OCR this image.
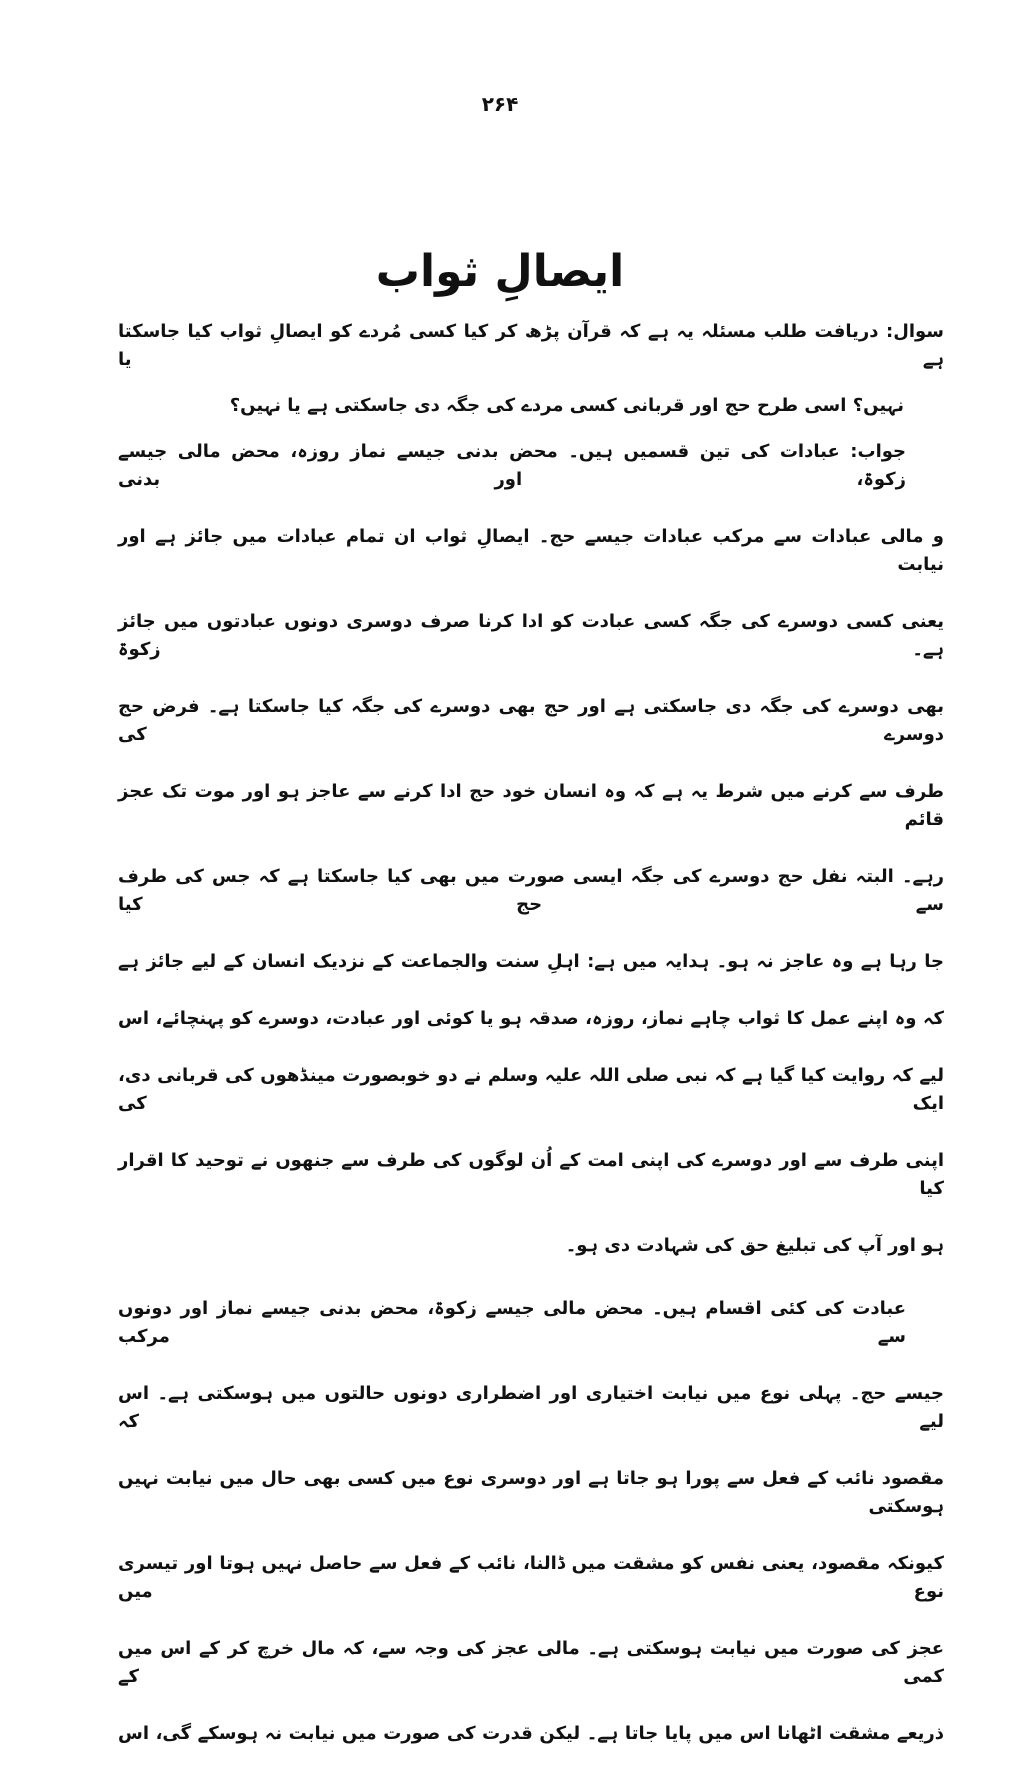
۲۶۴
ایصالِ ثواب
سوال: دریافت طلب مسئلہ یہ ہے کہ قرآن پڑھ کر کیا کسی مُردے کو ایصالِ ثواب کیا جاسکتا ہے یا
نہیں؟ اسی طرح حج اور قربانی کسی مردے کی جگہ دی جاسکتی ہے یا نہیں؟
جواب: عبادات کی تین قسمیں ہیں۔ محض بدنی جیسے نماز روزہ، محض مالی جیسے زکوۃ، اور بدنی
و مالی عبادات سے مرکب عبادات جیسے حج۔ ایصالِ ثواب ان تمام عبادات میں جائز ہے اور نیابت
یعنی کسی دوسرے کی جگہ کسی عبادت کو ادا کرنا صرف دوسری دونوں عبادتوں میں جائز ہے۔ زکوۃ
بھی دوسرے کی جگہ دی جاسکتی ہے اور حج بھی دوسرے کی جگہ کیا جاسکتا ہے۔ فرض حج دوسرے کی
طرف سے کرنے میں شرط یہ ہے کہ وہ انسان خود حج ادا کرنے سے عاجز ہو اور موت تک عجز قائم
رہے۔ البتہ نفل حج دوسرے کی جگہ ایسی صورت میں بھی کیا جاسکتا ہے کہ جس کی طرف سے حج کیا
جا رہا ہے وہ عاجز نہ ہو۔ ہدایہ میں ہے: اہلِ سنت والجماعت کے نزدیک انسان کے لیے جائز ہے
کہ وہ اپنے عمل کا ثواب چاہے نماز، روزہ، صدقہ ہو یا کوئی اور عبادت، دوسرے کو پہنچائے، اس
لیے کہ روایت کیا گیا ہے کہ نبی صلی اللہ علیہ وسلم نے دو خوبصورت مینڈھوں کی قربانی دی، ایک کی
اپنی طرف سے اور دوسرے کی اپنی امت کے اُن لوگوں کی طرف سے جنھوں نے توحید کا اقرار کیا
ہو اور آپ کی تبلیغ حق کی شہادت دی ہو۔
عبادت کی کئی اقسام ہیں۔ محض مالی جیسے زکوۃ، محض بدنی جیسے نماز اور دونوں سے مرکب
جیسے حج۔ پہلی نوع میں نیابت اختیاری اور اضطراری دونوں حالتوں میں ہوسکتی ہے۔ اس لیے کہ
مقصود نائب کے فعل سے پورا ہو جاتا ہے اور دوسری نوع میں کسی بھی حال میں نیابت نہیں ہوسکتی
کیونکہ مقصود، یعنی نفس کو مشقت میں ڈالنا، نائب کے فعل سے حاصل نہیں ہوتا اور تیسری نوع میں
عجز کی صورت میں نیابت ہوسکتی ہے۔ مالی عجز کی وجہ سے، کہ مال خرچ کر کے اس میں کمی کے
ذریعے مشقت اٹھانا اس میں پایا جاتا ہے۔ لیکن قدرت کی صورت میں نیابت نہ ہوسکے گی، اس
